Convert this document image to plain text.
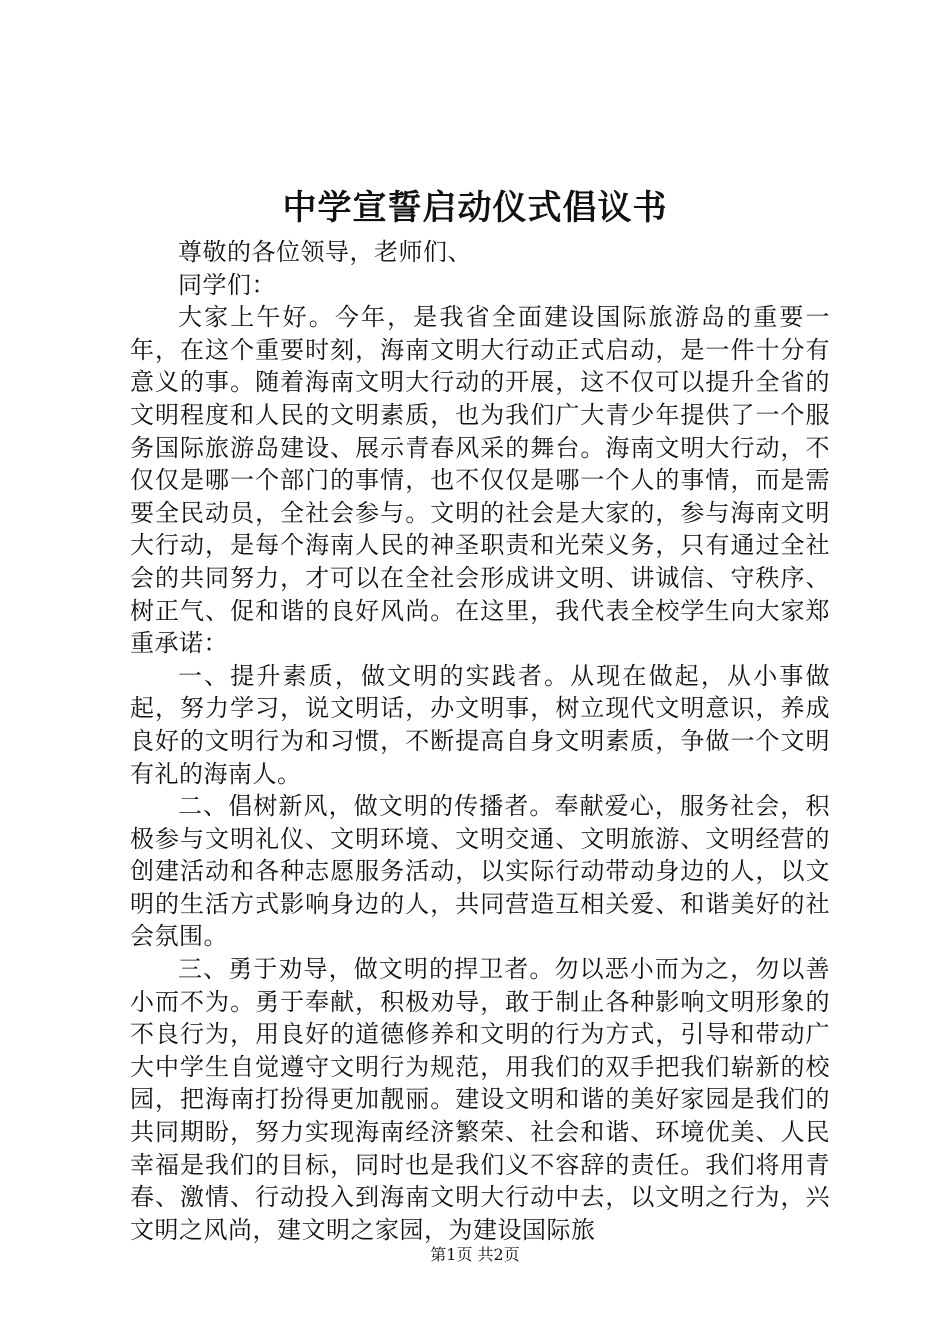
中学宣誓启动仪式倡议书

尊敬的各位领导，老师们、

同学们：

大家上午好。今年，是我省全面建设国际旅游岛的重要一年，在这个重要时刻，海南文明大行动正式启动，是一件十分有意义的事。随着海南文明大行动的开展，这不仅可以提升全省的文明程度和人民的文明素质，也为我们广大青少年提供了一个服务国际旅游岛建设、展示青春风采的舞台。海南文明大行动，不仅仅是哪一个部门的事情，也不仅仅是哪一个人的事情，而是需要全民动员，全社会参与。文明的社会是大家的，参与海南文明大行动，是每个海南人民的神圣职责和光荣义务，只有通过全社会的共同努力，才可以在全社会形成讲文明、讲诚信、守秩序、树正气、促和谐的良好风尚。在这里，我代表全校学生向大家郑重承诺：

一、提升素质，做文明的实践者。从现在做起，从小事做起，努力学习，说文明话，办文明事，树立现代文明意识，养成良好的文明行为和习惯，不断提高自身文明素质，争做一个文明有礼的海南人。

二、倡树新风，做文明的传播者。奉献爱心，服务社会，积极参与文明礼仪、文明环境、文明交通、文明旅游、文明经营的创建活动和各种志愿服务活动，以实际行动带动身边的人，以文明的生活方式影响身边的人，共同营造互相关爱、和谐美好的社会氛围。

三、勇于劝导，做文明的捍卫者。勿以恶小而为之，勿以善小而不为。勇于奉献，积极劝导，敢于制止各种影响文明形象的不良行为，用良好的道德修养和文明的行为方式，引导和带动广大中学生自觉遵守文明行为规范，用我们的双手把我们崭新的校园，把海南打扮得更加靓丽。建设文明和谐的美好家园是我们的共同期盼，努力实现海南经济繁荣、社会和谐、环境优美、人民幸福是我们的目标，同时也是我们义不容辞的责任。我们将用青春、激情、行动投入到海南文明大行动中去，以文明之行为，兴文明之风尚，建文明之家园，为建设国际旅

第1页 共2页
